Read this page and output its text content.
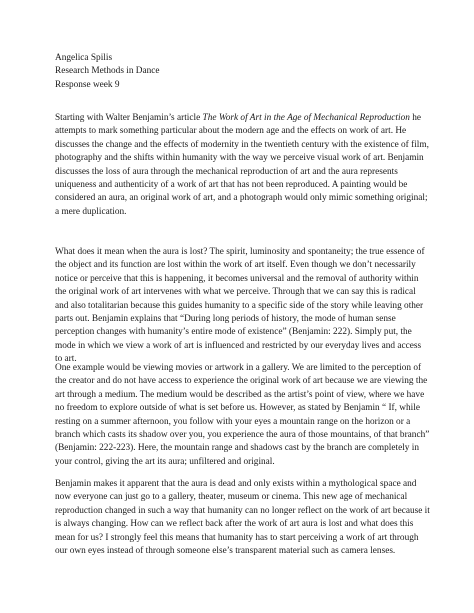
Angelica Spilis
Research Methods in Dance
Response week 9

Starting with Walter Benjamin’s article The Work of Art in the Age of Mechanical Reproduction he attempts to mark something particular about the modern age and the effects on work of art. He discusses the change and the effects of modernity in the twentieth century with the existence of film, photography and the shifts within humanity with the way we perceive visual work of art. Benjamin discusses the loss of aura through the mechanical reproduction of art and the aura represents uniqueness and authenticity of a work of art that has not been reproduced. A painting would be considered an aura, an original work of art, and a photograph would only mimic something original; a mere duplication.

What does it mean when the aura is lost? The spirit, luminosity and spontaneity; the true essence of the object and its function are lost within the work of art itself. Even though we don’t necessarily notice or perceive that this is happening, it becomes universal and the removal of authority within the original work of art intervenes with what we perceive. Through that we can say this is radical and also totalitarian because this guides humanity to a specific side of the story while leaving other parts out. Benjamin explains that “During long periods of history, the mode of human sense perception changes with humanity’s entire mode of existence” (Benjamin: 222). Simply put, the mode in which we view a work of art is influenced and restricted by our everyday lives and access to art.

One example would be viewing movies or artwork in a gallery. We are limited to the perception of the creator and do not have access to experience the original work of art because we are viewing the art through a medium. The medium would be described as the artist’s point of view, where we have no freedom to explore outside of what is set before us. However, as stated by Benjamin “ If, while resting on a summer afternoon, you follow with your eyes a mountain range on the horizon or a branch which casts its shadow over you, you experience the aura of those mountains, of that branch” (Benjamin: 222-223). Here, the mountain range and shadows cast by the branch are completely in your control, giving the art its aura; unfiltered and original.

Benjamin makes it apparent that the aura is dead and only exists within a mythological space and now everyone can just go to a gallery, theater, museum or cinema. This new age of mechanical reproduction changed in such a way that humanity can no longer reflect on the work of art because it is always changing. How can we reflect back after the work of art aura is lost and what does this mean for us? I strongly feel this means that humanity has to start perceiving a work of art through our own eyes instead of through someone else’s transparent material such as camera lenses.
